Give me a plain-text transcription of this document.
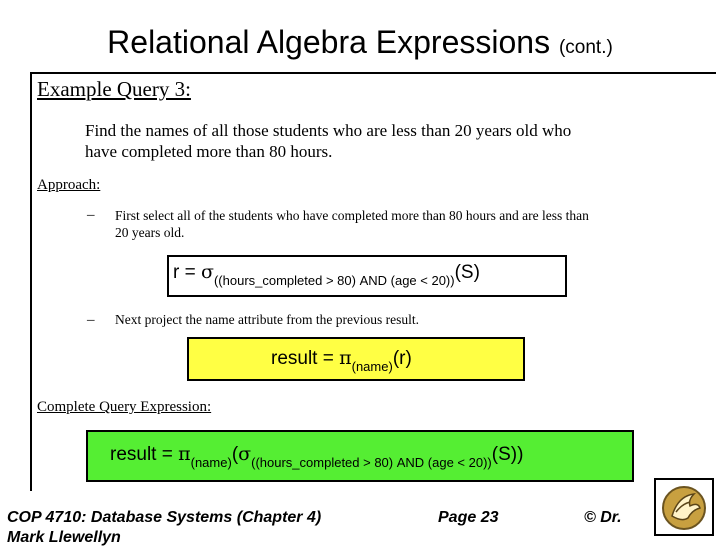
Relational Algebra Expressions (cont.)
Example Query 3:
Find the names of all those students who are less than 20 years old who
have completed more than 80 hours.
Approach:
– First select all of the students who have completed more than 80 hours and are less than
20 years old.
$r = \sigma_{((hours\_completed > 80) AND (age < 20))}(S)$
– Next project the name attribute from the previous result.
result = $\pi_{(name)}(r)$
Complete Query Expression:
result = $\pi_{(name)}(\sigma_{((hours\_completed > 80) AND (age < 20))}(S))$
COP 4710: Database Systems (Chapter 4)
Mark Llewellyn
Page 23	© Dr.
